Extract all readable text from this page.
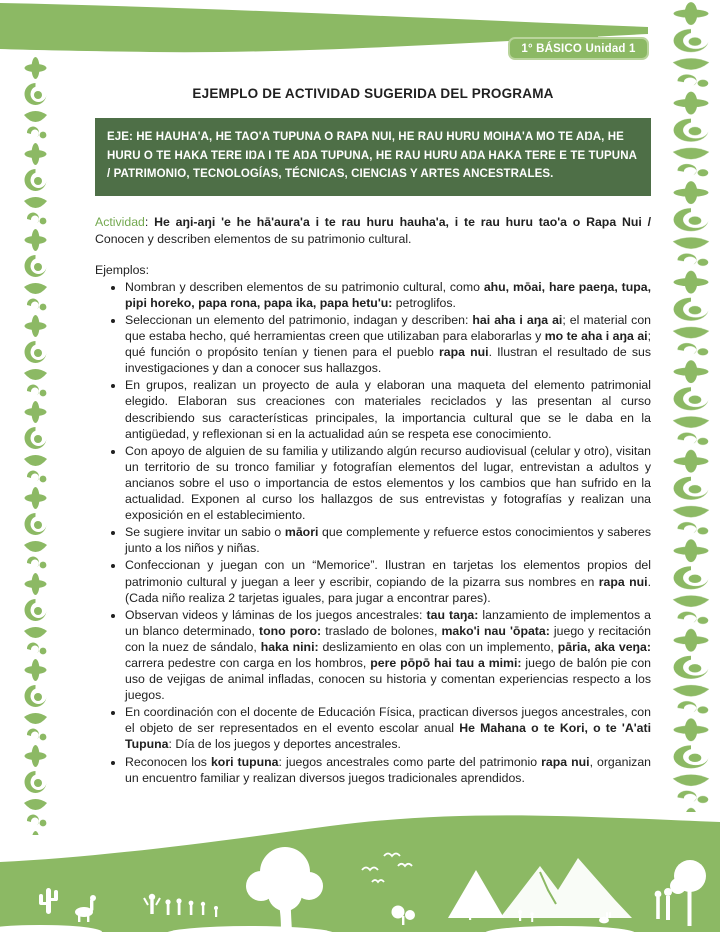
1° BÁSICO Unidad 1
EJEMPLO DE ACTIVIDAD SUGERIDA DEL PROGRAMA
EJE: HE HAUHA'A, HE TAO'A TUPUNA O RAPA NUI, HE RAU HURU MOIHA'A MO TE AŊA, HE HURU O TE HAKA TERE IŊA I TE AŊA TUPUNA, HE RAU HURU AŊA HAKA TERE E TE TUPUNA / PATRIMONIO, TECNOLOGÍAS, TÉCNICAS, CIENCIAS Y ARTES ANCESTRALES.

Actividad: He aŋi-aŋi 'e he hā'aura'a i te rau huru hauha'a, i te rau huru tao'a o Rapa Nui / Conocen y describen elementos de su patrimonio cultural.

Ejemplos:

• Nombran y describen elementos de su patrimonio cultural, como ahu, mōai, hare paeŋa, tupa, pipi horeko, papa rona, papa ika, papa hetu'u: petroglifos.
• Seleccionan un elemento del patrimonio, indagan y describen: hai aha i aŋa ai; el material con que estaba hecho, qué herramientas creen que utilizaban para elaborarlas y mo te aha i aŋa ai; qué función o propósito tenían y tienen para el pueblo rapa nui. Ilustran el resultado de sus investigaciones y dan a conocer sus hallazgos.
• En grupos, realizan un proyecto de aula y elaboran una maqueta del elemento patrimonial elegido. Elaboran sus creaciones con materiales reciclados y las presentan al curso describiendo sus características principales, la importancia cultural que se le daba en la antigüedad, y reflexionan si en la actualidad aún se respeta ese conocimiento.
• Con apoyo de alguien de su familia y utilizando algún recurso audiovisual (celular y otro), visitan un territorio de su tronco familiar y fotografían elementos del lugar, entrevistan a adultos y ancianos sobre el uso o importancia de estos elementos y los cambios que han sufrido en la actualidad. Exponen al curso los hallazgos de sus entrevistas y fotografías y realizan una exposición en el establecimiento.
• Se sugiere invitar un sabio o māori que complemente y refuerce estos conocimientos y saberes junto a los niños y niñas.
• Confeccionan y juegan con un “Memorice”. Ilustran en tarjetas los elementos propios del patrimonio cultural y juegan a leer y escribir, copiando de la pizarra sus nombres en rapa nui. (Cada niño realiza 2 tarjetas iguales, para jugar a encontrar pares).
• Observan videos y láminas de los juegos ancestrales: tau taŋa: lanzamiento de implementos a un blanco determinado, tono poro: traslado de bolones, mako'i nau 'ōpata: juego y recitación con la nuez de sándalo, haka nini: deslizamiento en olas con un implemento, pāria, aka veŋa: carrera pedestre con carga en los hombros, pere pōpō hai tau a mimi: juego de balón pie con uso de vejigas de animal infladas, conocen su historia y comentan experiencias respecto a los juegos.
• En coordinación con el docente de Educación Física, practican diversos juegos ancestrales, con el objeto de ser representados en el evento escolar anual He Mahana o te Kori, o te 'A'ati Tupuna: Día de los juegos y deportes ancestrales.
• Reconocen los kori tupuna: juegos ancestrales como parte del patrimonio rapa nui, organizan un encuentro familiar y realizan diversos juegos tradicionales aprendidos.
